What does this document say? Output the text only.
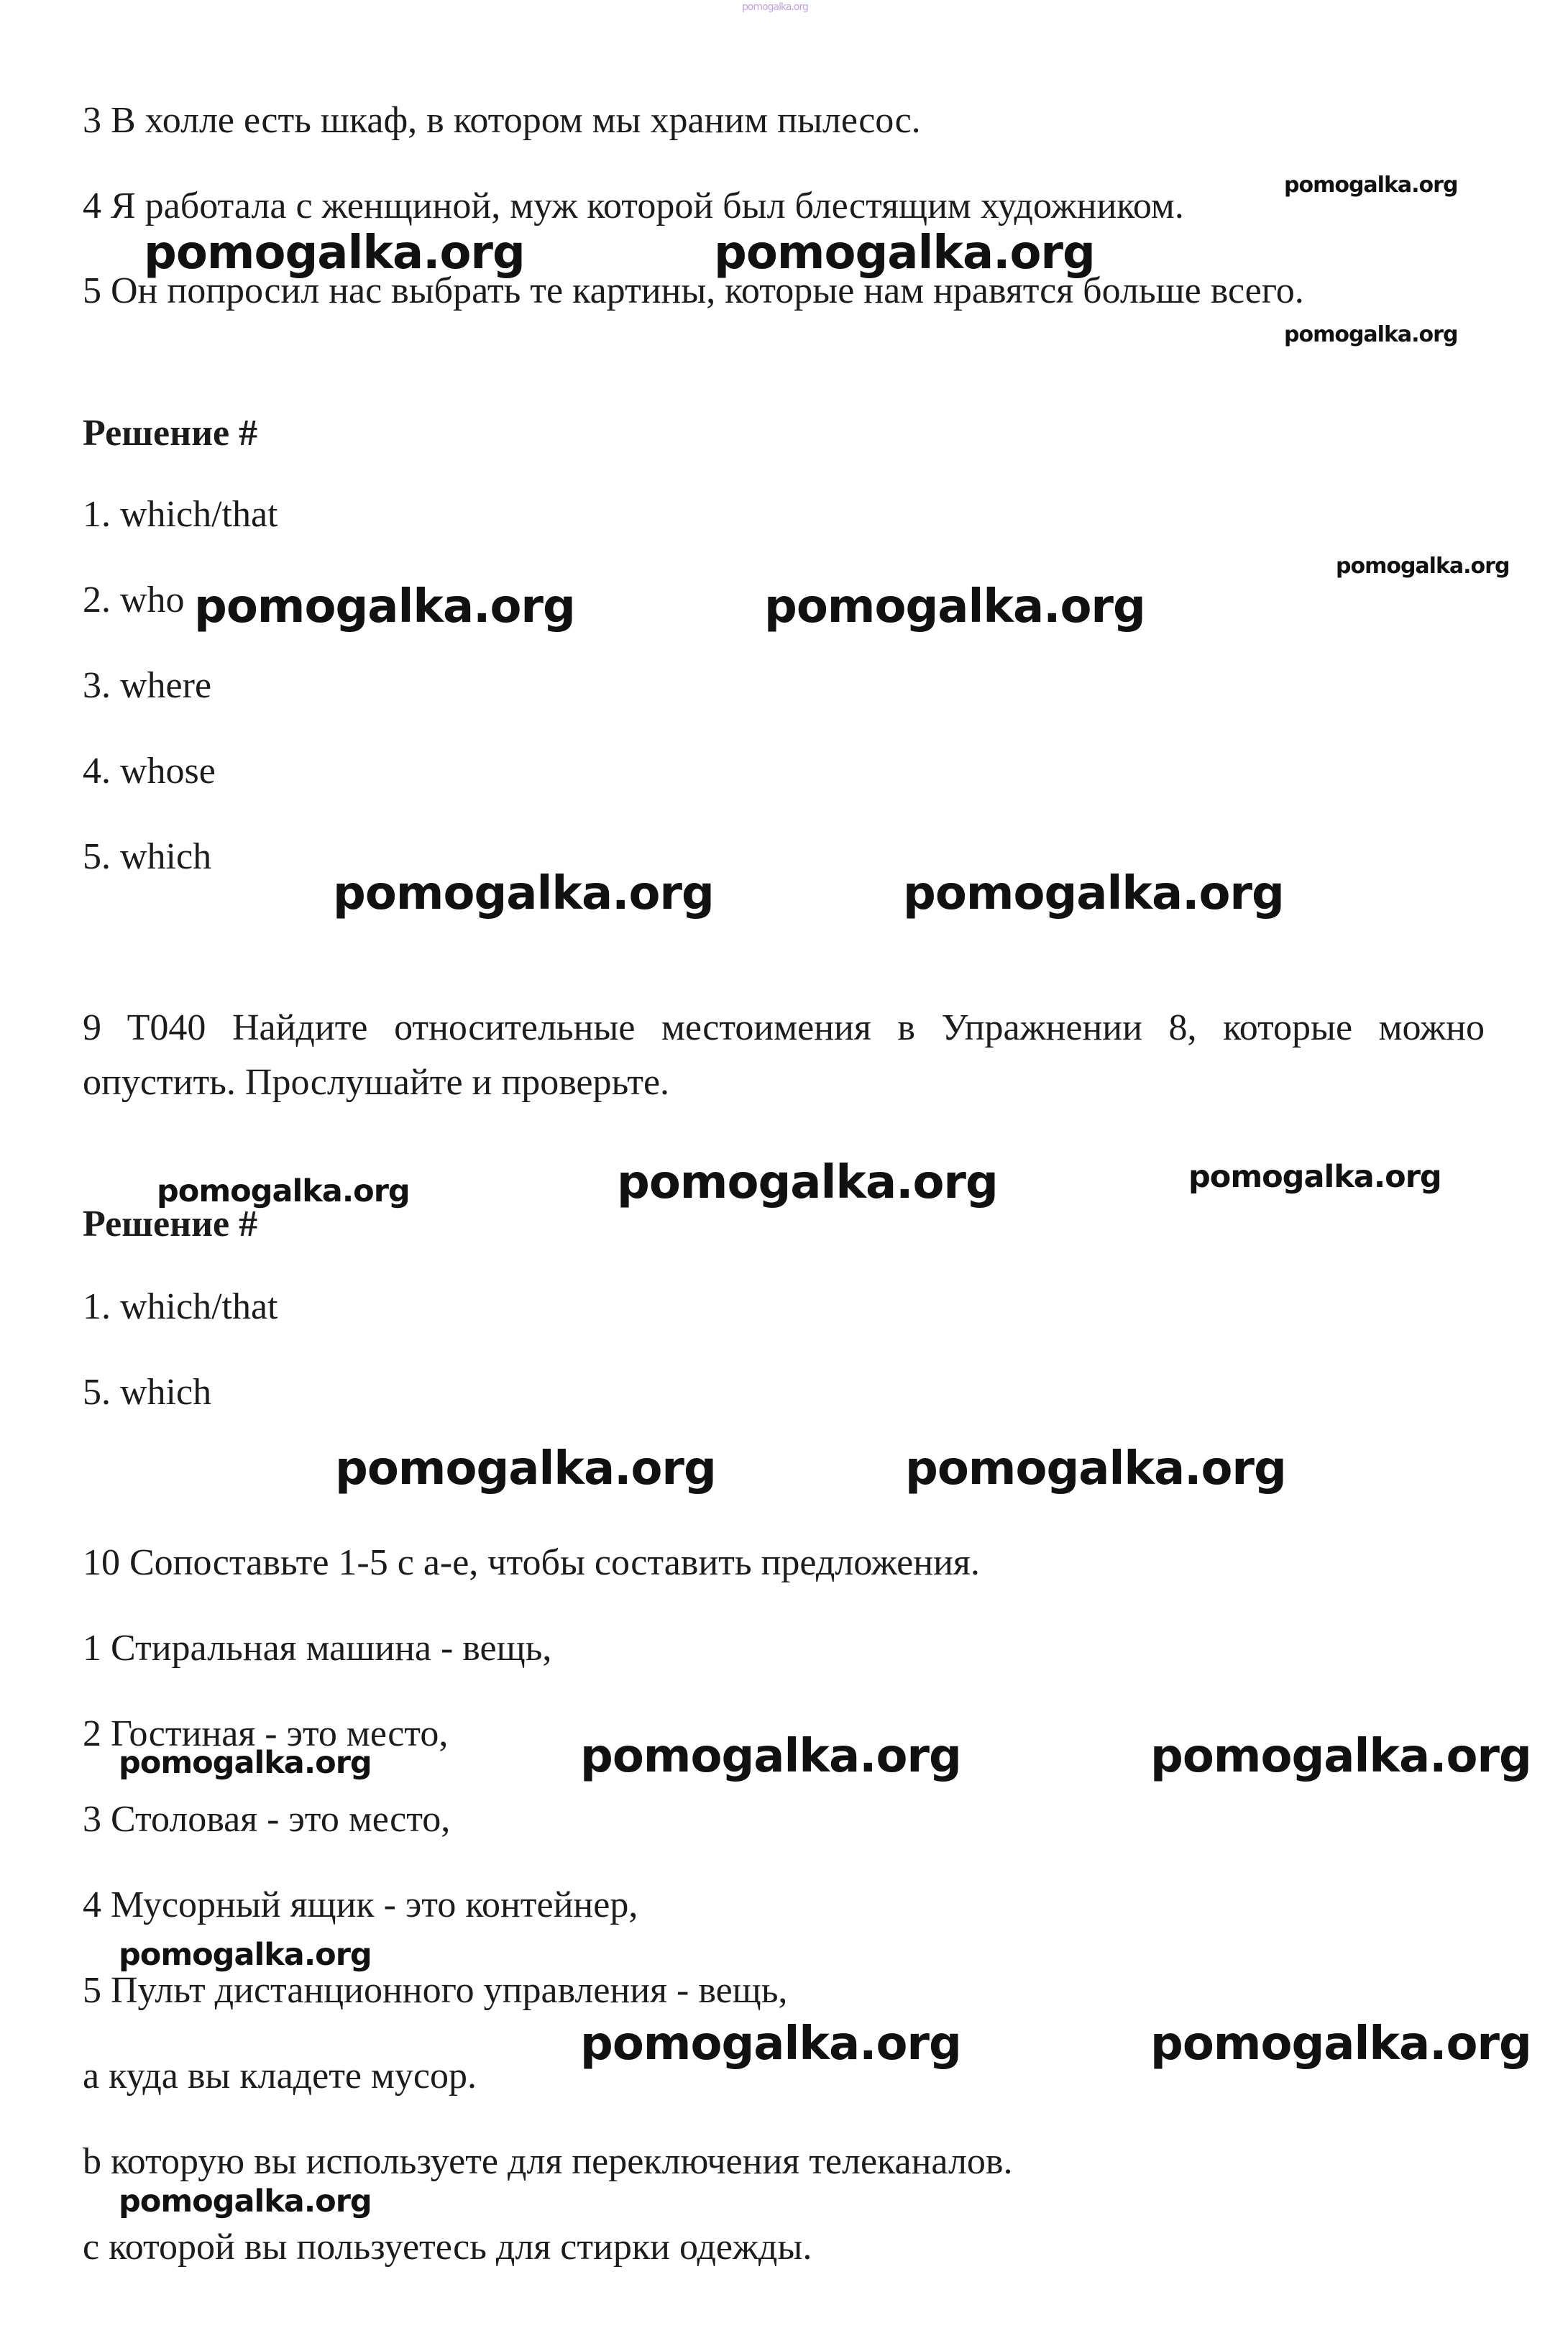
pomogalka.org
3 В холле есть шкаф, в котором мы храним пылесос.
4 Я работала с женщиной, муж которой был блестящим художником.
5 Он попросил нас выбрать те картины, которые нам нравятся больше всего.
Решение #
1. which/that
2. who
3. where
4. whose
5. which
9 T040 Найдите относительные местоимения в Упражнении 8, которые можно опустить. Прослушайте и проверьте.
Решение #
1. which/that
5. which
10 Сопоставьте 1-5 с a-e, чтобы составить предложения.
1 Стиральная машина - вещь,
2 Гостиная - это место,
3 Столовая - это место,
4 Мусорный ящик - это контейнер,
5 Пульт дистанционного управления - вещь,
a куда вы кладете мусор.
b которую вы используете для переключения телеканалов.
c которой вы пользуетесь для стирки одежды.
pomogalka.org
pomogalka.org	pomogalka.org
pomogalka.org
pomogalka.org
pomogalka.org	pomogalka.org
pomogalka.org	pomogalka.org
pomogalka.org	pomogalka.org	pomogalka.org
pomogalka.org	pomogalka.org
pomogalka.org	pomogalka.org	pomogalka.org
pomogalka.org
pomogalka.org	pomogalka.org
pomogalka.org
